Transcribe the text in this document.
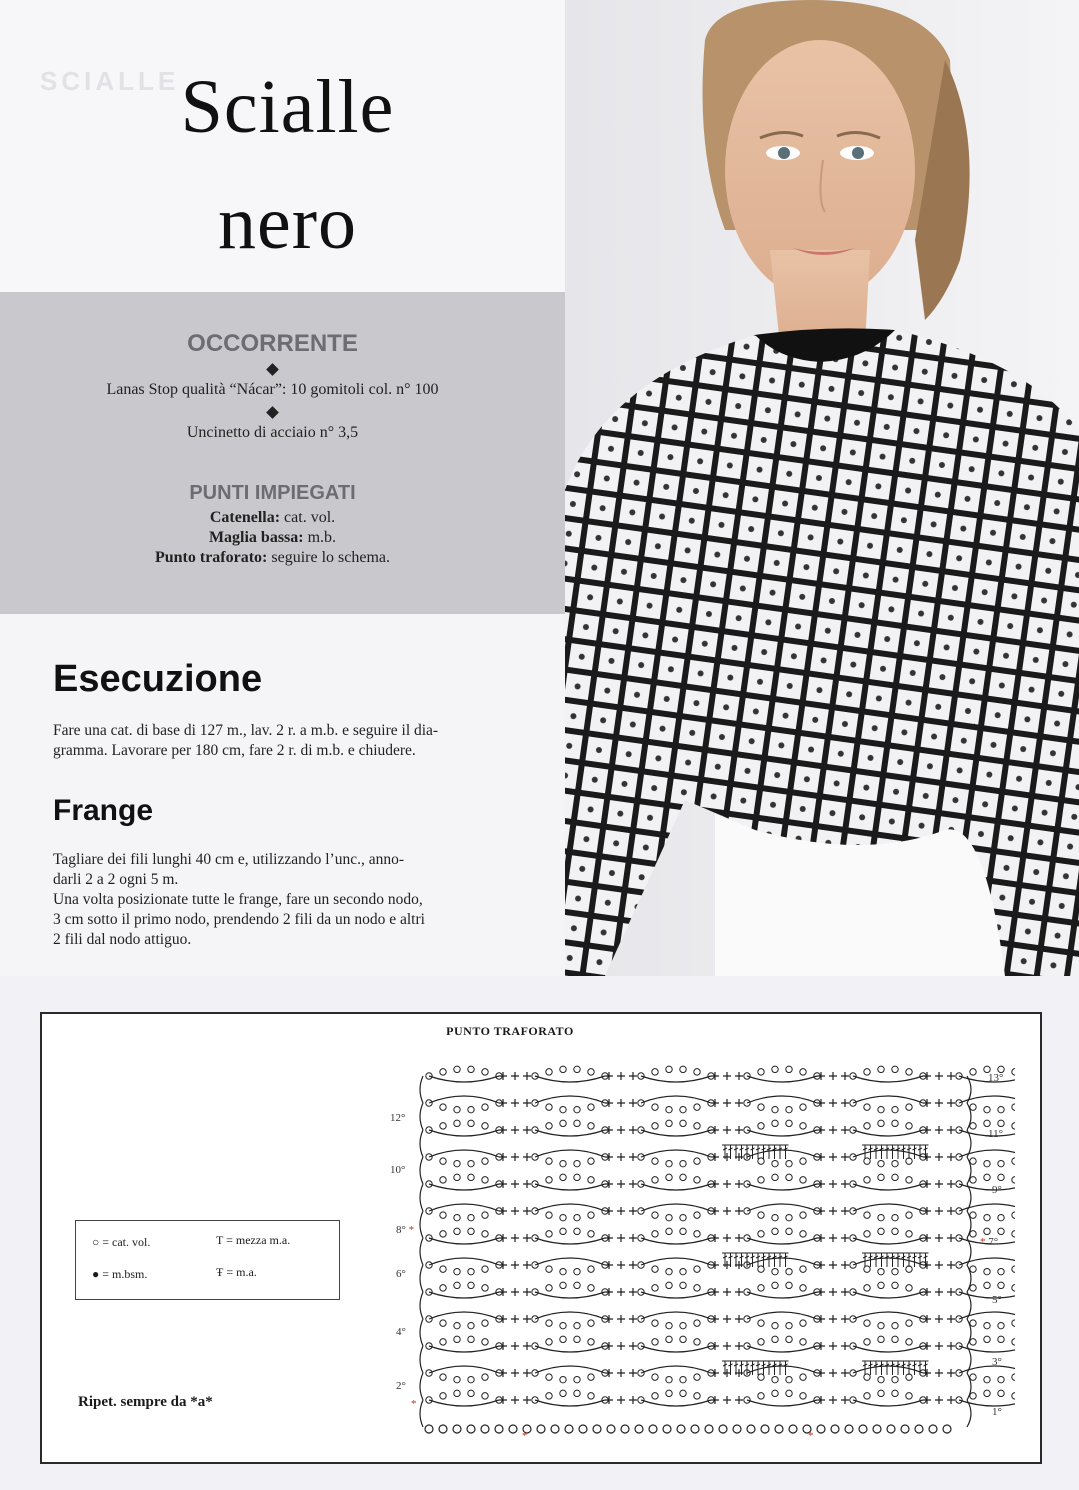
SCIALLE Scialle
nero
OCCORRENTE
Lanas Stop qualità “Nácar”: 10 gomitoli col. n° 100
Uncinetto di acciaio n° 3,5
PUNTI IMPIEGATI
Catenella: cat. vol.
Maglia bassa: m.b.
Punto traforato: seguire lo schema.
Esecuzione
Fare una cat. di base di 127 m., lav. 2 r. a m.b. e seguire il dia-
gramma. Lavorare per 180 cm, fare 2 r. di m.b. e chiudere.
Frange
Tagliare dei fili lunghi 40 cm e, utilizzando l’unc., anno-
darli 2 a 2 ogni 5 m.
Una volta posizionate tutte le frange, fare un secondo nodo,
3 cm sotto il primo nodo, prendendo 2 fili da un nodo e altri
2 fili dal nodo attiguo.
PUNTO TRAFORATO
13°
11°
9°
* 7°
5°
3°
1°
12°
10°
8° *
6°
4°
2°
*
*	*
○ = cat. vol.
● = m.bsm.
T = mezza m.a.
Ŧ = m.a.
Ripet. sempre da *a*
